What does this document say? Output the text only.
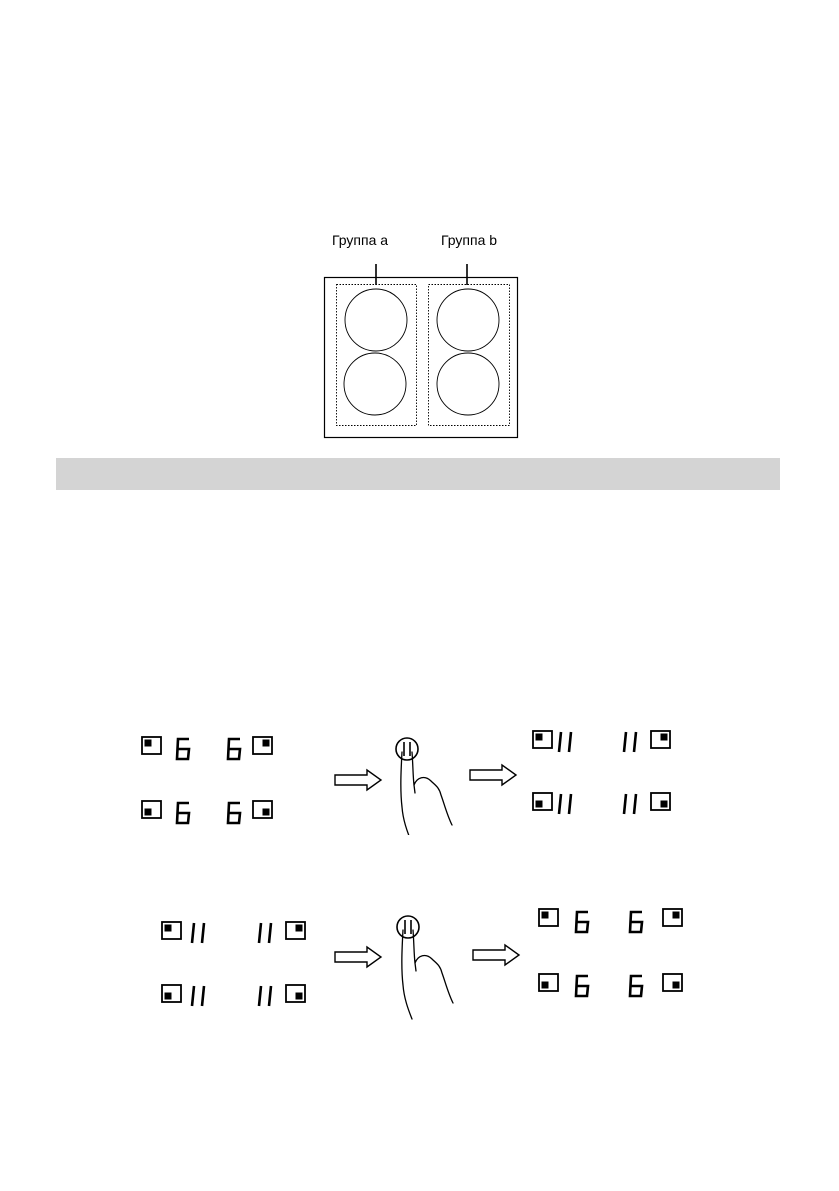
Группа a	Группа b
